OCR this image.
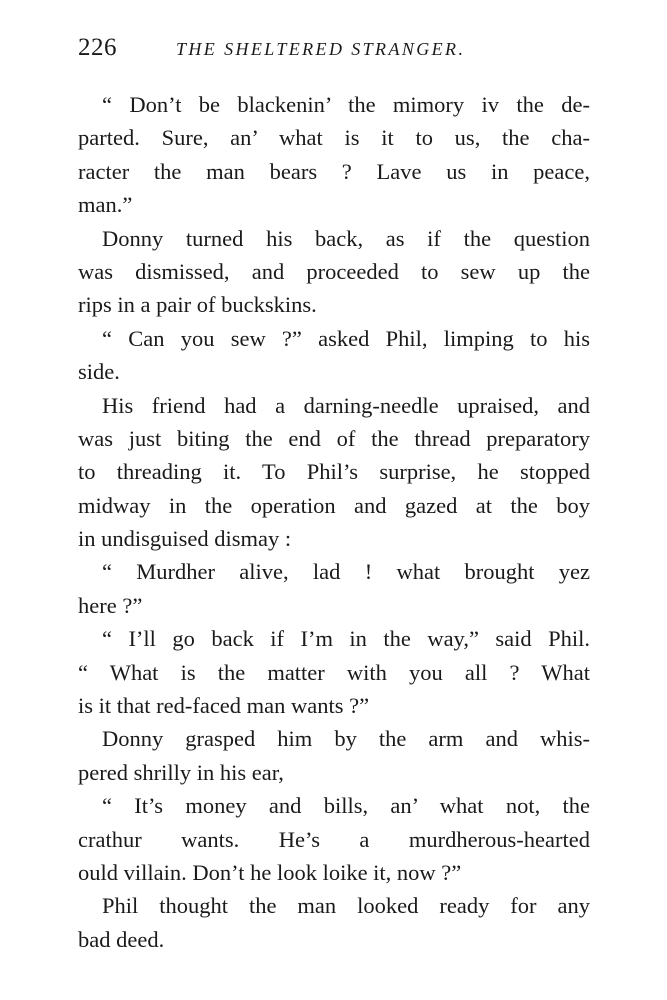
226	THE SHELTERED STRANGER.
“ Don’t be blackenin’ the mimory iv the de-
parted. Sure, an’ what is it to us, the cha-
racter the man bears ? Lave us in peace,
man.”
Donny turned his back, as if the question
was dismissed, and proceeded to sew up the
rips in a pair of buckskins.
“ Can you sew ?” asked Phil, limping to his
side.
His friend had a darning-needle upraised, and
was just biting the end of the thread preparatory
to threading it. To Phil’s surprise, he stopped
midway in the operation and gazed at the boy
in undisguised dismay :
“ Murdher alive, lad ! what brought yez
here ?”
“ I’ll go back if I’m in the way,” said Phil.
“ What is the matter with you all ? What
is it that red-faced man wants ?”
Donny grasped him by the arm and whis-
pered shrilly in his ear,
“ It’s money and bills, an’ what not, the
crathur wants. He’s a murdherous-hearted
ould villain. Don’t he look loike it, now ?”
Phil thought the man looked ready for any
bad deed.
